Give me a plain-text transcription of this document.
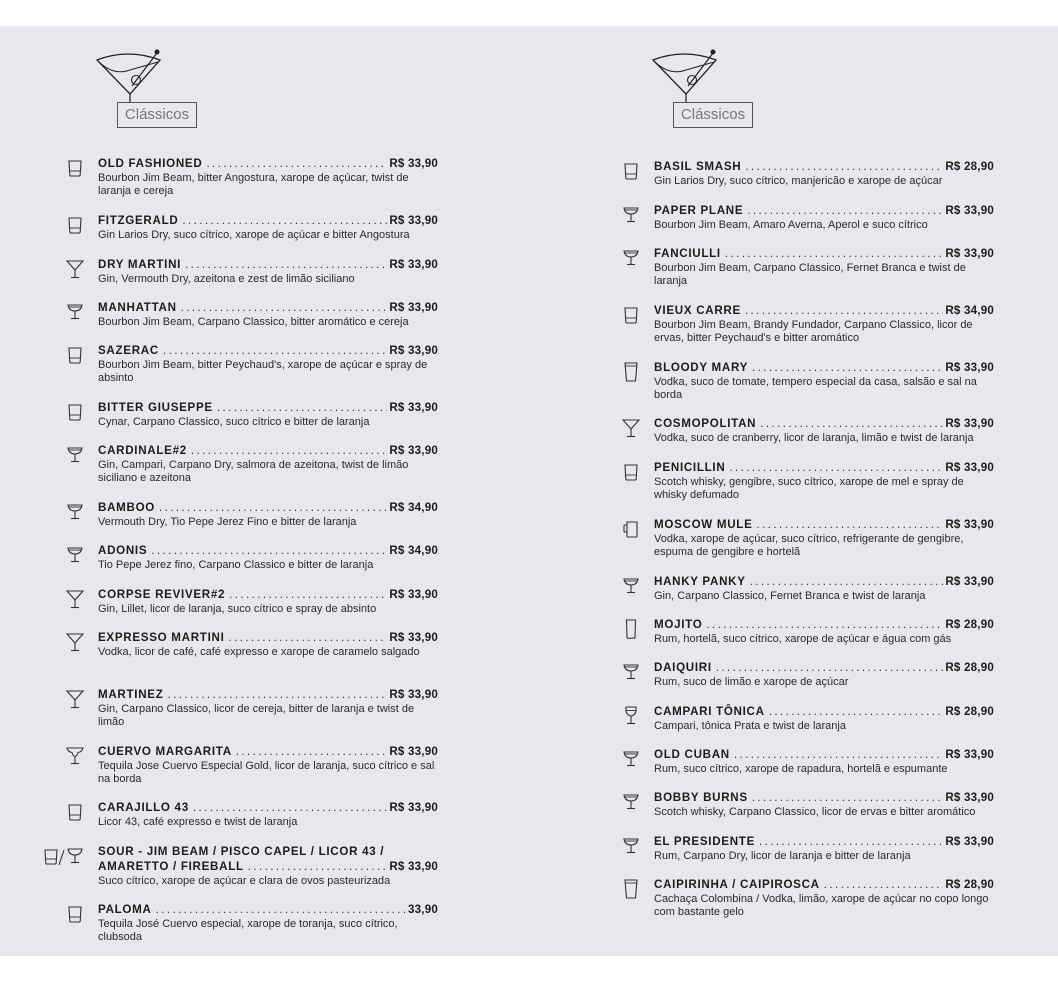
Clássicos
OLD FASHIONED .....	R$ 33,90
Bourbon Jim Beam, bitter Angostura, xarope de açúcar, twist de laranja e cereja
FITZGERALD .....	R$ 33,90
Gin Larios Dry, suco cítrico, xarope de açúcar e bitter Angostura
DRY MARTINI .....	R$ 33,90
Gin, Vermouth Dry, azeitona e zest de limão siciliano
MANHATTAN .....	R$ 33,90
Bourbon Jim Beam, Carpano Classico, bitter aromático e cereja
SAZERAC .....	R$ 33,90
Bourbon Jim Beam, bitter Peychaud's, xarope de açúcar e spray de absinto
BITTER GIUSEPPE .....	R$ 33,90
Cynar, Carpano Classico, suco cítrico e bitter de laranja
CARDINALE#2 .....	R$ 33,90
Gin, Campari, Carpano Dry, salmora de azeitona, twist de limão siciliano e azeitona
BAMBOO .....	R$ 34,90
Vermouth Dry, Tio Pepe Jerez Fino e bitter de laranja
ADONIS .....	R$ 34,90
Tio Pepe Jerez fino, Carpano Classico e bitter de laranja
CORPSE REVIVER#2 .....	R$ 33,90
Gin, Lillet, licor de laranja, suco cítrico e spray de absinto
EXPRESSO MARTINI .....	R$ 33,90
Vodka, licor de café, café expresso e xarope de caramelo salgado
MARTINEZ .....	R$ 33,90
Gin, Carpano Classico, licor de cereja, bitter de laranja e twist de limão
CUERVO MARGARITA .....	R$ 33,90
Tequila Jose Cuervo Especial Gold, licor de laranja, suco cítrico e sal na borda
CARAJILLO 43 .....	R$ 33,90
Licor 43, café expresso e twist de laranja
SOUR - JIM BEAM / PISCO CAPEL / LICOR 43 /
AMARETTO / FIREBALL .....	R$ 33,90
Suco cítrico, xarope de açúcar e clara de ovos pasteurizada
PALOMA .....	33,90
Tequila José Cuervo especial, xarope de toranja, suco cítrico, clubsoda
Clássicos
BASIL SMASH .....	R$ 28,90
Gin Larios Dry, suco cítrico, manjericão e xarope de açúcar
PAPER PLANE .....	R$ 33,90
Bourbon Jim Beam, Amaro Averna, Aperol e suco cítrico
FANCIULLI .....	R$ 33,90
Bourbon Jim Beam, Carpano Classico, Fernet Branca e twist de laranja
VIEUX CARRE .....	R$ 34,90
Bourbon Jim Beam, Brandy Fundador, Carpano Classico, licor de ervas, bitter Peychaud's e bitter aromático
BLOODY MARY .....	R$ 33,90
Vodka, suco de tomate, tempero especial da casa, salsão e sal na borda
COSMOPOLITAN .....	R$ 33,90
Vodka, suco de cranberry, licor de laranja, limão e twist de laranja
PENICILLIN .....	R$ 33,90
Scotch whisky, gengibre, suco cítrico, xarope de mel e spray de whisky defumado
MOSCOW MULE .....	R$ 33,90
Vodka, xarope de açúcar, suco cítrico, refrigerante de gengibre, espuma de gengibre e hortelã
HANKY PANKY .....	R$ 33,90
Gin, Carpano Classico, Fernet Branca e twist de laranja
MOJITO .....	R$ 28,90
Rum, hortelã, suco cítrico, xarope de açúcar e água com gás
DAIQUIRI .....	R$ 28,90
Rum, suco de limão e xarope de açúcar
CAMPARI TÔNICA .....	R$ 28,90
Campari, tônica Prata e twist de laranja
OLD CUBAN .....	R$ 33,90
Rum, suco cítrico, xarope de rapadura, hortelã e espumante
BOBBY BURNS .....	R$ 33,90
Scotch whisky, Carpano Classico, licor de ervas e bitter aromático
EL PRESIDENTE .....	R$ 33,90
Rum, Carpano Dry, licor de laranja e bitter de laranja
CAIPIRINHA / CAIPIROSCA .....	R$ 28,90
Cachaça Colombina / Vodka, limão, xarope de açúcar no copo longo com bastante gelo
